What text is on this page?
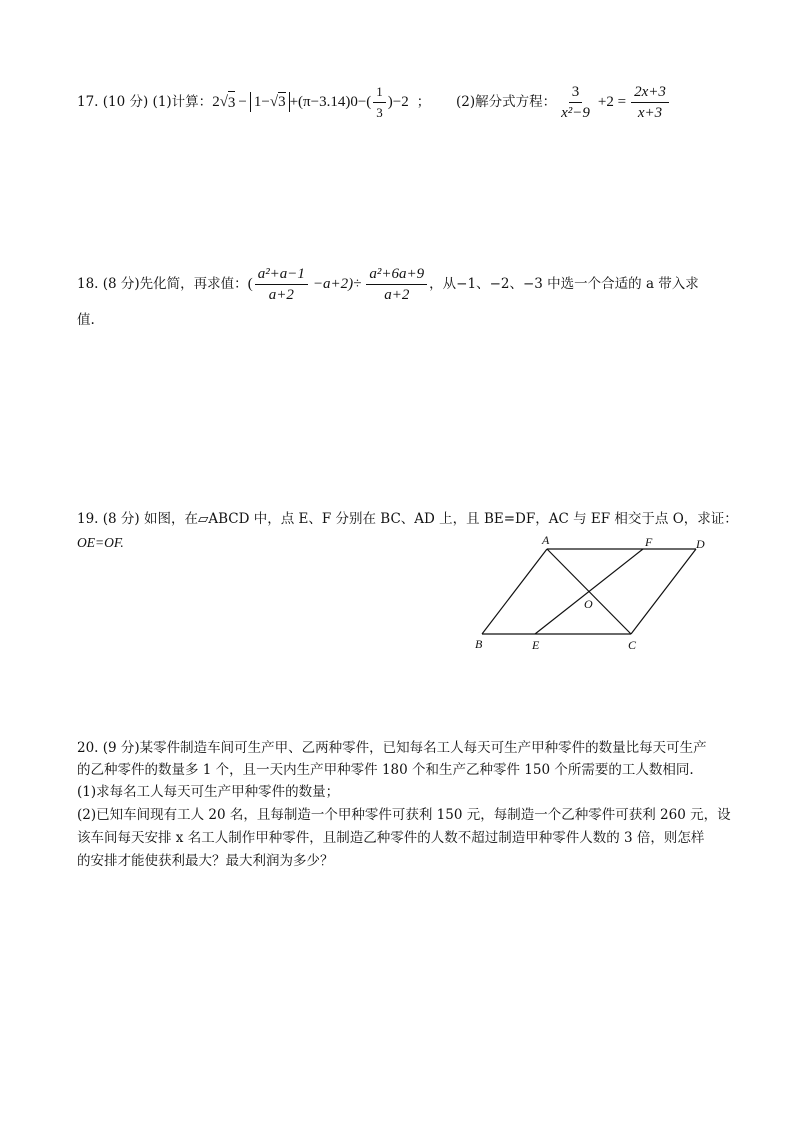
17. (10 分) (1)计算： 2 √ 3 − 1−√3 +(π−3.14) 0 −( $\frac{1}{3}$ ) −2 ； (2)解分式方程： $\frac{3}{\text{x²−9}} +2 = \frac{2x+3}{x+3}$
18. (8 分)先化简，再求值： ( $\frac{\text{a²+a−1}}{a+2} -a+2)\div \frac{\text{a²+6a+9}}{a+2}$ ，从−1、−2、−3 中选一个合适的 a 带入求
值.
19. (8 分) 如图，在▱ABCD 中，点 E、F 分别在 BC、AD 上，且 BE=DF，AC 与 EF 相交于点 O，求证：
OE=OF.	A	F	D
O
B	E	C
20. (9 分)某零件制造车间可生产甲、乙两种零件，已知每名工人每天可生产甲种零件的数量比每天可生产
的乙种零件的数量多 1 个，且一天内生产甲种零件 180 个和生产乙种零件 150 个所需要的工人数相同.
(1)求每名工人每天可生产甲种零件的数量；
(2)已知车间现有工人 20 名，且每制造一个甲种零件可获利 150 元，每制造一个乙种零件可获利 260 元，设
该车间每天安排 x 名工人制作甲种零件，且制造乙种零件的人数不超过制造甲种零件人数的 3 倍，则怎样
的安排才能使获利最大？最大利润为多少？
